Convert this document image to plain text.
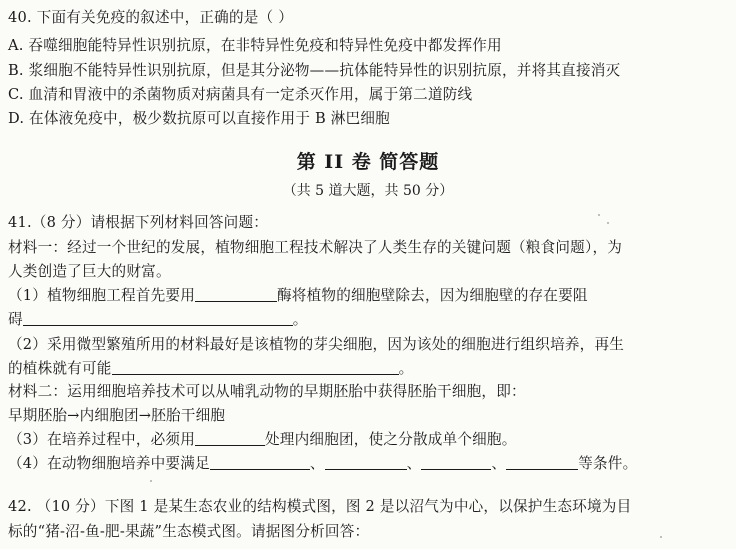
40. 下面有关免疫的叙述中，正确的是（ ）
A. 吞噬细胞能特异性识别抗原，在非特异性免疫和特异性免疫中都发挥作用
B. 浆细胞不能特异性识别抗原，但是其分泌物——抗体能特异性的识别抗原，并将其直接消灭
C. 血清和胃液中的杀菌物质对病菌具有一定杀灭作用，属于第二道防线
D. 在体液免疫中，极少数抗原可以直接作用于 B 淋巴细胞
第 II 卷 简答题
（共 5 道大题，共 50 分）
41.（8 分）请根据下列材料回答问题：
材料一：经过一个世纪的发展，植物细胞工程技术解决了人类生存的关键问题（粮食问题），为
人类创造了巨大的财富。
（1）植物细胞工程首先要用	酶将植物的细胞壁除去，因为细胞壁的存在要阻
碍	。
（2）采用微型繁殖所用的材料最好是该植物的芽尖细胞，因为该处的细胞进行组织培养，再生
的植株就有可能	。
材料二：运用细胞培养技术可以从哺乳动物的早期胚胎中获得胚胎干细胞，即：
早期胚胎→内细胞团→胚胎干细胞
（3）在培养过程中，必须用	处理内细胞团，使之分散成单个细胞。
（4）在动物细胞培养中要满足	、	、	、	等条件。
42. （10 分）下图 1 是某生态农业的结构模式图，图 2 是以沼气为中心，以保护生态环境为目
标的“猪-沼-鱼-肥-果蔬”生态模式图。请据图分析回答：
